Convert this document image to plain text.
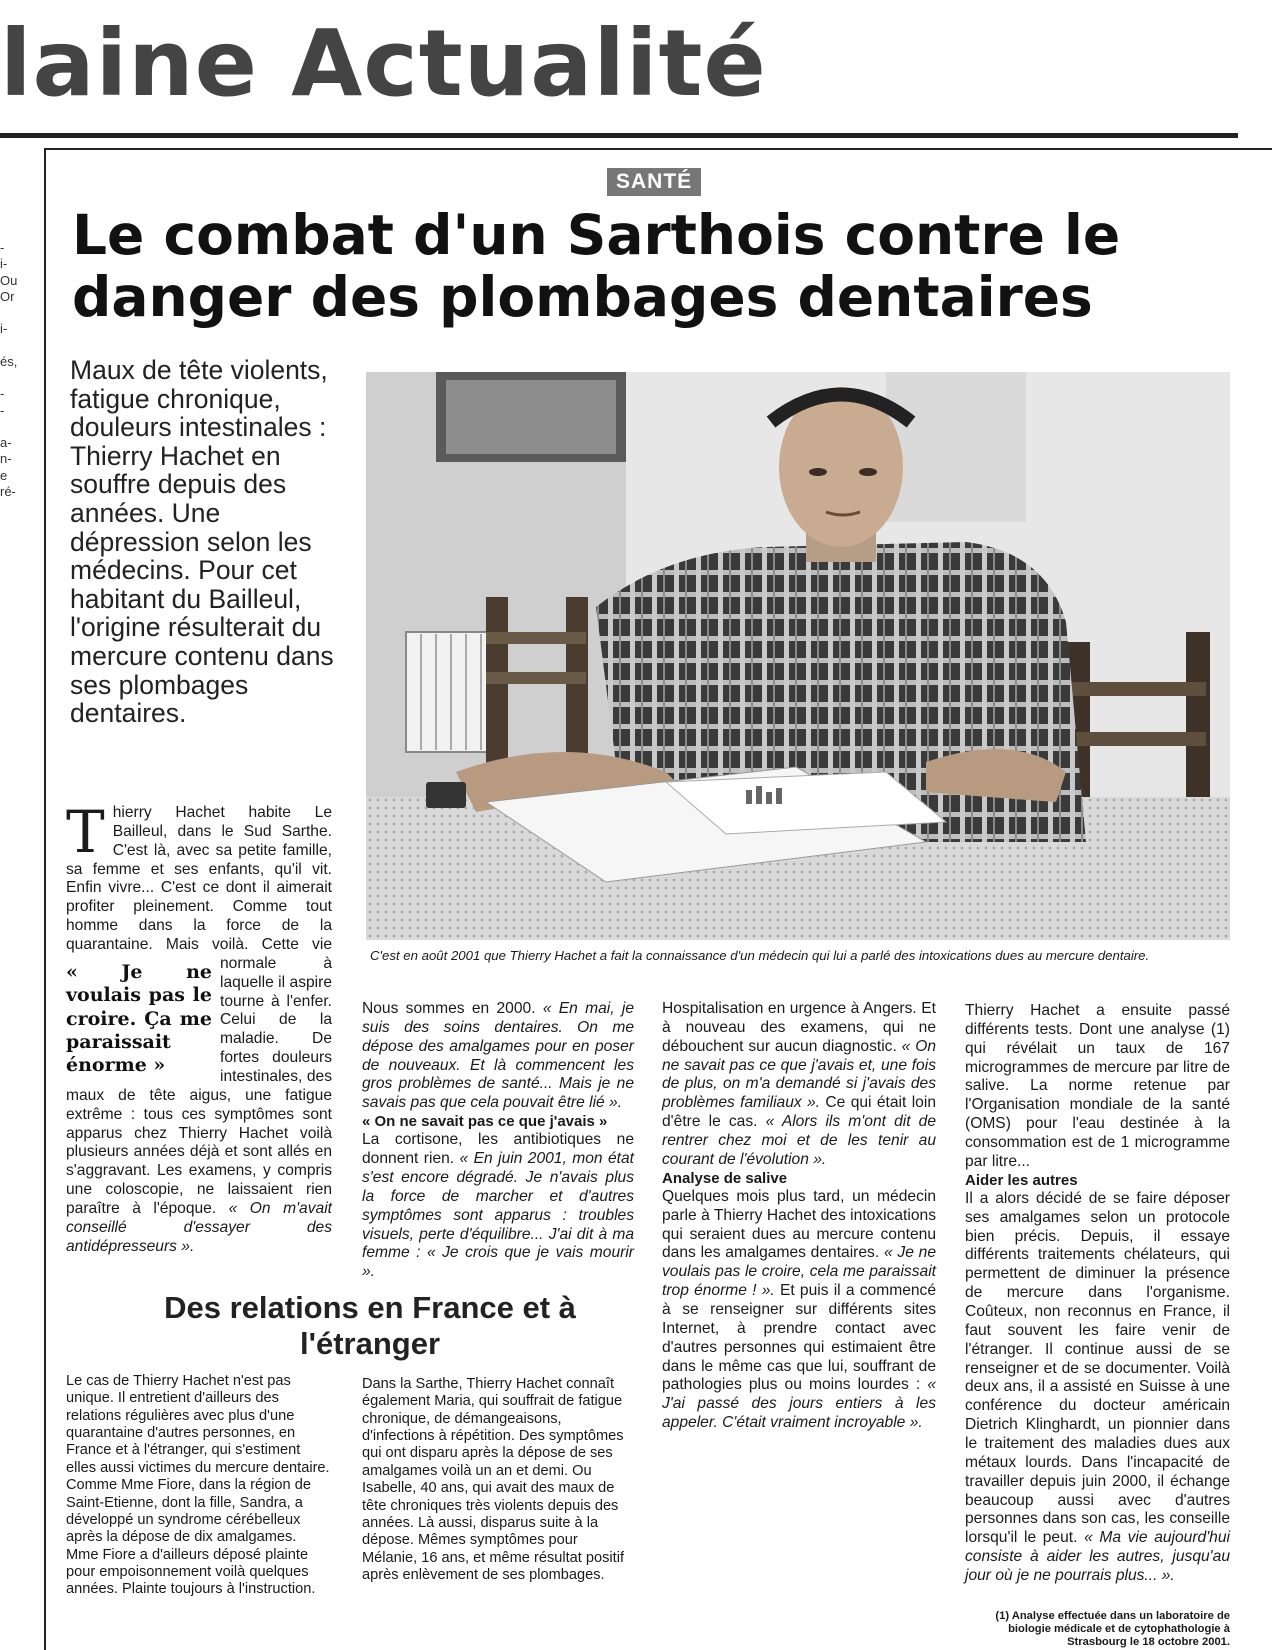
laine Actualité
-
i-
Ou
Or

i-

és,

-
-

a-
n-
e
ré-
SANTÉ
Le combat d'un Sarthois contre le danger des plombages dentaires

Maux de tête violents, fatigue chronique, douleurs intestinales : Thierry Hachet en souffre depuis des années. Une dépression selon les médecins. Pour cet habitant du Bailleul, l'origine résulterait du mercure contenu dans ses plombages dentaires.

C'est en août 2001 que Thierry Hachet a fait la connaissance d'un médecin qui lui a parlé des intoxications dues au mercure dentaire.

Thierry Hachet habite Le Bailleul, dans le Sud Sarthe. C'est là, avec sa petite famille, sa femme et ses enfants, qu'il vit. Enfin vivre... C'est ce dont il aimerait profiter pleinement. Comme tout homme dans la force de la quarantaine. Mais voilà. Cette vie normale
« Je ne voulais pas le croire. Ça me paraissait énorme »
à laquelle il aspire tourne à l'enfer. Celui de la maladie. De fortes douleurs intestinales, des maux de tête aigus, une fatigue extrême : tous ces symptômes sont apparus chez Thierry Hachet voilà plusieurs années déjà et sont allés en s'aggravant. Les examens, y compris une coloscopie, ne laissaient rien paraître à l'époque. « On m'avait conseillé d'essayer des antidépresseurs ».

Nous sommes en 2000. « En mai, je suis des soins dentaires. On me dépose des amalgames pour en poser de nouveaux. Et là commencent les gros problèmes de santé... Mais je ne savais pas que cela pouvait être lié ».

« On ne savait pas ce que j'avais »

La cortisone, les antibiotiques ne donnent rien. « En juin 2001, mon état s'est encore dégradé. Je n'avais plus la force de marcher et d'autres symptômes sont apparus : troubles visuels, perte d'équilibre... J'ai dit à ma femme : « Je crois que je vais mourir ».

Hospitalisation en urgence à Angers. Et à nouveau des examens, qui ne débouchent sur aucun diagnostic. « On ne savait pas ce que j'avais et, une fois de plus, on m'a demandé si j'avais des problèmes familiaux ». Ce qui était loin d'être le cas. « Alors ils m'ont dit de rentrer chez moi et de les tenir au courant de l'évolution ».

Analyse de salive

Quelques mois plus tard, un médecin parle à Thierry Hachet des intoxications qui seraient dues au mercure contenu dans les amalgames dentaires. « Je ne voulais pas le croire, cela me paraissait trop énorme ! ». Et puis il a commencé à se renseigner sur différents sites Internet, à prendre contact avec d'autres personnes qui estimaient être dans le même cas que lui, souffrant de pathologies plus ou moins lourdes : « J'ai passé des jours entiers à les appeler. C'était vraiment incroyable ».

Thierry Hachet a ensuite passé différents tests. Dont une analyse (1) qui révélait un taux de 167 microgrammes de mercure par litre de salive. La norme retenue par l'Organisation mondiale de la santé (OMS) pour l'eau destinée à la consommation est de 1 microgramme par litre...

Aider les autres

Il a alors décidé de se faire déposer ses amalgames selon un protocole bien précis. Depuis, il essaye différents traitements chélateurs, qui permettent de diminuer la présence de mercure dans l'organisme. Coûteux, non reconnus en France, il faut souvent les faire venir de l'étranger. Il continue aussi de se renseigner et de se documenter. Voilà deux ans, il a assisté en Suisse à une conférence du docteur américain Dietrich Klinghardt, un pionnier dans le traitement des maladies dues aux métaux lourds. Dans l'incapacité de travailler depuis juin 2000, il échange beaucoup aussi avec d'autres personnes dans son cas, les conseille lorsqu'il le peut. « Ma vie aujourd'hui consiste à aider les autres, jusqu'au jour où je ne pourrais plus... ».

Des relations en France et à l'étranger

Le cas de Thierry Hachet n'est pas unique. Il entretient d'ailleurs des relations régulières avec plus d'une quarantaine d'autres personnes, en France et à l'étranger, qui s'estiment elles aussi victimes du mercure dentaire. Comme Mme Fiore, dans la région de Saint-Etienne, dont la fille, Sandra, a développé un syndrome cérébelleux après la dépose de dix amalgames. Mme Fiore a d'ailleurs déposé plainte pour empoisonnement voilà quelques années. Plainte toujours à l'instruction.

Dans la Sarthe, Thierry Hachet connaît également Maria, qui souffrait de fatigue chronique, de démangeaisons, d'infections à répétition. Des symptômes qui ont disparu après la dépose de ses amalgames voilà un an et demi. Ou Isabelle, 40 ans, qui avait des maux de tête chroniques très violents depuis des années. Là aussi, disparus suite à la dépose. Mêmes symptômes pour Mélanie, 16 ans, et même résultat positif après enlèvement de ses plombages.

(1) Analyse effectuée dans un laboratoire de biologie médicale et de cytophathologie à Strasbourg le 18 octobre 2001.
